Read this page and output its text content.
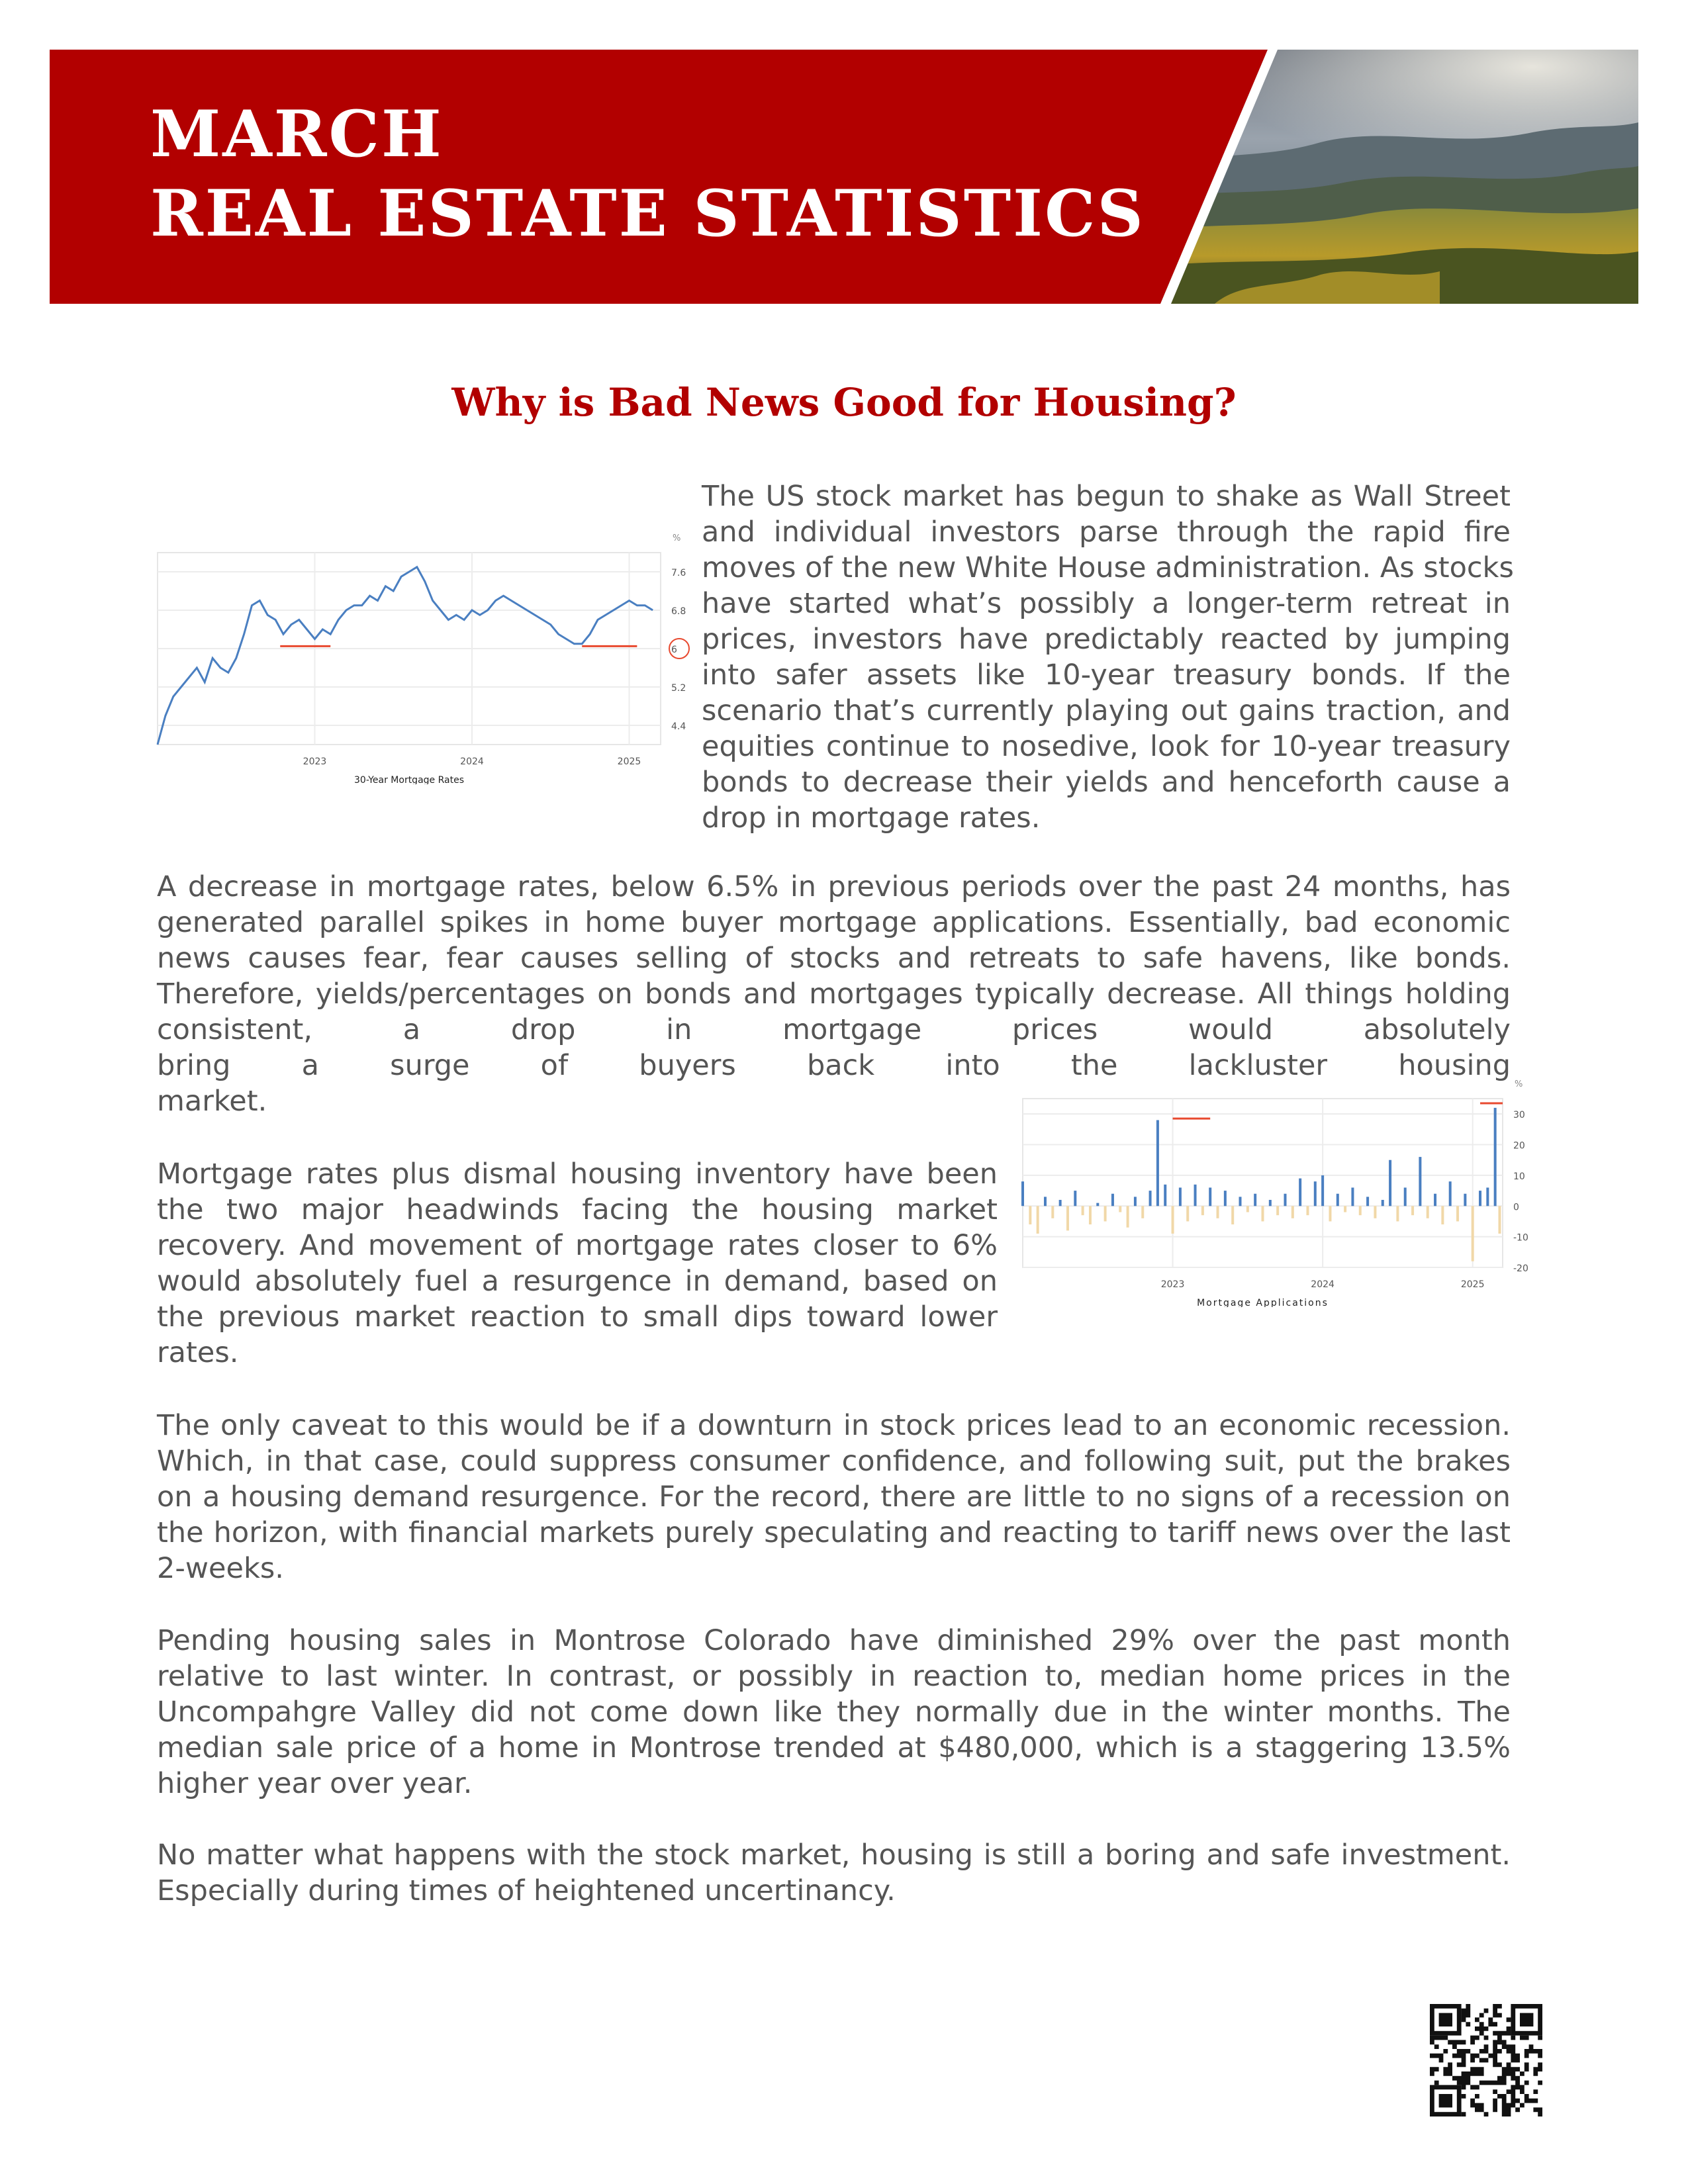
MARCH
REAL ESTATE STATISTICS
Why is Bad News Good for Housing?
The US stock market has begun to shake as Wall Street
and individual investors parse through the rapid fire
moves of the new White House administration. As stocks
have started what’s possibly a longer-term retreat in
prices, investors have predictably reacted by jumping
into safer assets like 10-year treasury bonds. If the
scenario that’s currently playing out gains traction, and
equities continue to nosedive, look for 10-year treasury
bonds to decrease their yields and henceforth cause a
drop in mortgage rates.
4.4
5.2
6
6.8
7.6
2023	2024	2025
%
30-Year Mortgage Rates
A decrease in mortgage rates, below 6.5% in previous periods over the past 24 months, has
generated parallel spikes in home buyer mortgage applications. Essentially, bad economic
news causes fear, fear causes selling of stocks and retreats to safe havens, like bonds.
Therefore, yields/percentages on bonds and mortgages typically decrease. All things holding
consistent, a drop in mortgage prices would absolutely
bring a surge of buyers back into the lackluster housing
market.
Mortgage rates plus dismal housing inventory have been
the two major headwinds facing the housing market
recovery. And movement of mortgage rates closer to 6%
would absolutely fuel a resurgence in demand, based on
the previous market reaction to small dips toward lower
rates.
-20
-10
0
10
20
30
2023	2024	2025
%
Mortgage Applications
The only caveat to this would be if a downturn in stock prices lead to an economic recession.
Which, in that case, could suppress consumer confidence, and following suit, put the brakes
on a housing demand resurgence. For the record, there are little to no signs of a recession on
the horizon, with financial markets purely speculating and reacting to tariff news over the last
2-weeks.
Pending housing sales in Montrose Colorado have diminished 29% over the past month
relative to last winter. In contrast, or possibly in reaction to, median home prices in the
Uncompahgre Valley did not come down like they normally due in the winter months. The
median sale price of a home in Montrose trended at $480,000, which is a staggering 13.5%
higher year over year.
No matter what happens with the stock market, housing is still a boring and safe investment.
Especially during times of heightened uncertinancy.
